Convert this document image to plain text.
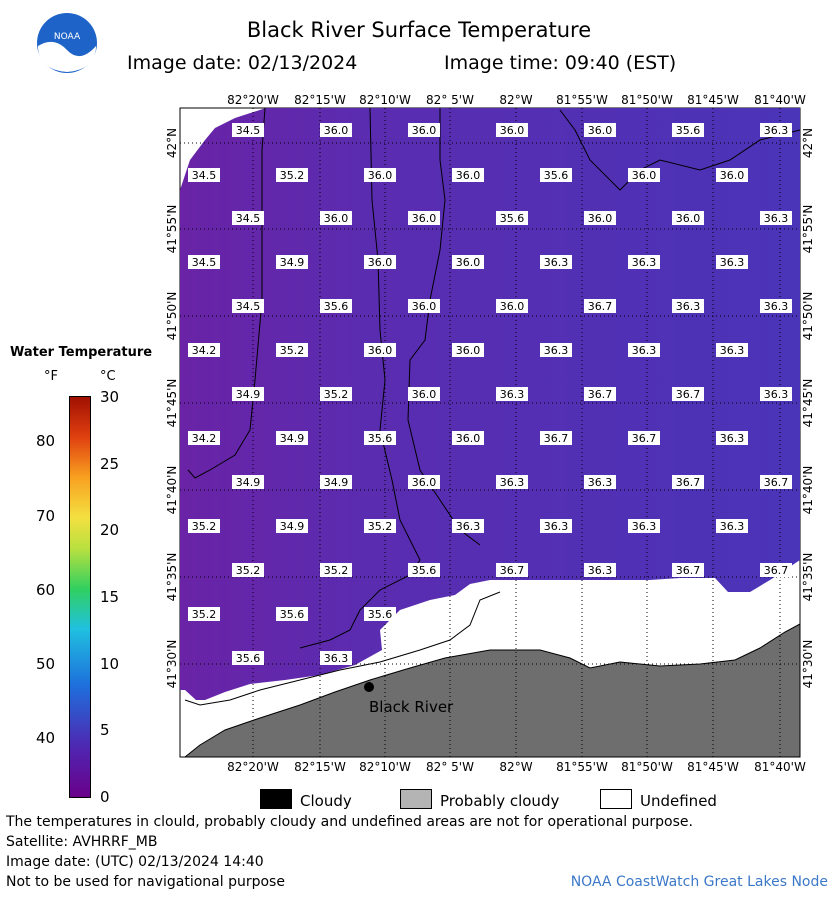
NOAA	Black River Surface Temperature
Image date: 02/13/2024	Image time: 09:40 (EST)
34.5	36.0	36.0	36.0	36.0	35.6	36.3
34.5	35.2	36.0	36.0	35.6	36.0	36.0
34.5	36.0	36.0	35.6	36.0	36.0	36.3
34.5	34.9	36.0	36.0	36.3	36.3	36.3
34.5	35.6	36.0	36.0	36.7	36.3	36.3
34.2	35.2	36.0	36.0	36.3	36.3	36.3
34.9	35.2	36.0	36.3	36.7	36.7	36.3
34.2	34.9	35.6	36.0	36.7	36.7	36.3
34.9	34.9	36.0	36.3	36.3	36.7	36.7
35.2	34.9	35.2	36.3	36.3	36.3	36.3
35.2	35.2	35.6	36.7	36.3	36.7	36.7
35.2	35.6	35.6
35.6	36.3
Black River
Water Temperature
°F	°C
Cloudy	Probably cloudy	Undefined
The temperatures in clould, probably cloudy and undefined areas are not for operational purpose.
Satellite: AVHRRF_MB
Image date: (UTC) 02/13/2024 14:40
Not to be used for navigational purpose	NOAA CoastWatch Great Lakes Node
82°20'W
82°20'W
82°15'W
82°15'W
82°10'W
82°10'W
82° 5'W
82° 5'W
82°W
82°W
81°55'W
81°55'W
81°50'W
81°50'W
81°45'W
81°45'W
81°40'W
81°40'W
42°N	42°N
41°55'N	41°55'N
41°50'N	41°50'N
41°45'N	41°45'N
41°40'N	41°40'N
41°35'N	41°35'N
41°30'N	41°30'N
30
25
20
15
10
5
0
80
70
60
50
40
